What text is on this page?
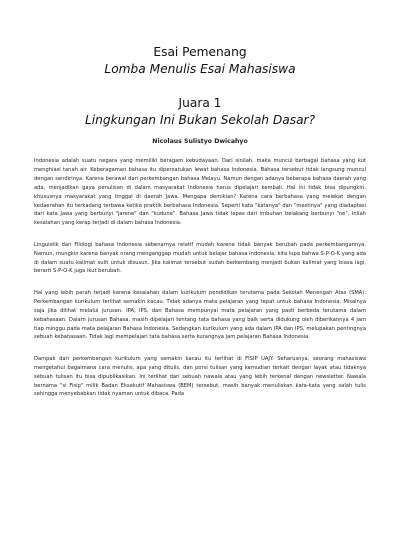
Esai Pemenang
Lomba Menulis Esai Mahasiswa
Juara 1
Lingkungan Ini Bukan Sekolah Dasar?
Nicolaus Sulistyo Dwicahyo

Indonesia adalah suatu negara yang memiliki beragam kebudayaan. Dari sinilah, maka muncul berbagai bahasa yang kut menghiasi tanah air. Keberagaman bahasa itu dipersatukan lewat bahasa Indonesia. Bahasa tersebut tidak langsung muncul dengan sendirinya. Karena berawal dari perkembangan bahasa Melayu. Namun dengan adanya beberapa bahasa daerah yang ada, menjadikan gaya penulisan di dalam masyarakat Indonesia harus dipelajari kembali. Hal ini tidak bisa dipungkiri, khususnya masyarakat yang tinggal di daerah Jawa. Mengapa demikian? Karena cara berbahasa yang melekat dengan kedaerahan itu terkadang terbawa ketika praktik berbahasa Indonesia. Seperti kata "katanya" dan "mestinya" yang diadaptasi dari kata Jawa yang berbunyi "jarene" dan "kudune". Bahasa Jawa tidak lepas dari imbuhan belakang berbunyi "ne". Inilah kesalahan yang kerap terjadi di dalam bahasa Indonesia.

Linguistik dan Filologi bahasa Indonesia sebenarnya relatif mudah karena tidak banyak berubah pada perkembangannya. Namun, mungkin karena banyak orang menganggap mudah untuk belajar bahasa Indonesia, kita lupa bahwa S-P-O-K yang ada di dalam suatu kalimat sulit untuk disusun. Jika kalimat tersebut sudah berkembang menjadi bukan kalimat yang biasa lagi, berarti S-P-O-K juga ikut berubah.

Hal yang lebih parah terjadi karena kesalahan dalam kurikulum pendidikan terutama pada Sekolah Menengah Atas (SMA). Perkembangan kurikulum terlihat semakin kacau. Tidak adanya mata pelajaran yang tepat untuk bahasa Indonesia. Misalnya saja jika dilihat melalui jurusan. IPA, IPS, dan Bahasa mempunyai mata pelajaran yang pasti berbeda terutama dalam kebahasaan. Dalam jurusan Bahasa, masih dipelajari tentang tata bahasa yang baik serta didukung oleh diberikannya 4 jam tiap minggu pada mata pelajaran Bahasa Indonesia. Sedangkan kurikulum yang ada dalam IPA dan IPS, melupakan pentingnya sebuah kebahasaan. Tidak lagi mempelajari tata bahasa serta kurangnya jam pelajaran Bahasa Indonesia.

Dampak dari perkembangan kurikulum yang semakin kacau itu terlihat di FISIP UAJY. Seharusnya, seorang mahasiswa mengetahui bagaimana cara menulis, apa yang ditulis, dan porsi tulisan yang kemudian terkait dengan layak atau tidaknya sebuah tulisan itu bisa dipublikasikan. Ini terlihat dari sebuah nawala atau yang lebih terkenal dengan newsletter. Nawala bernama "si Fisip" milik Badan Eksekutif Mahasiswa (BEM) tersebut, masih banyak menuliskan kata-kata yang salah tulis sehingga menyebabkan tidak nyaman untuk dibaca. Pada
